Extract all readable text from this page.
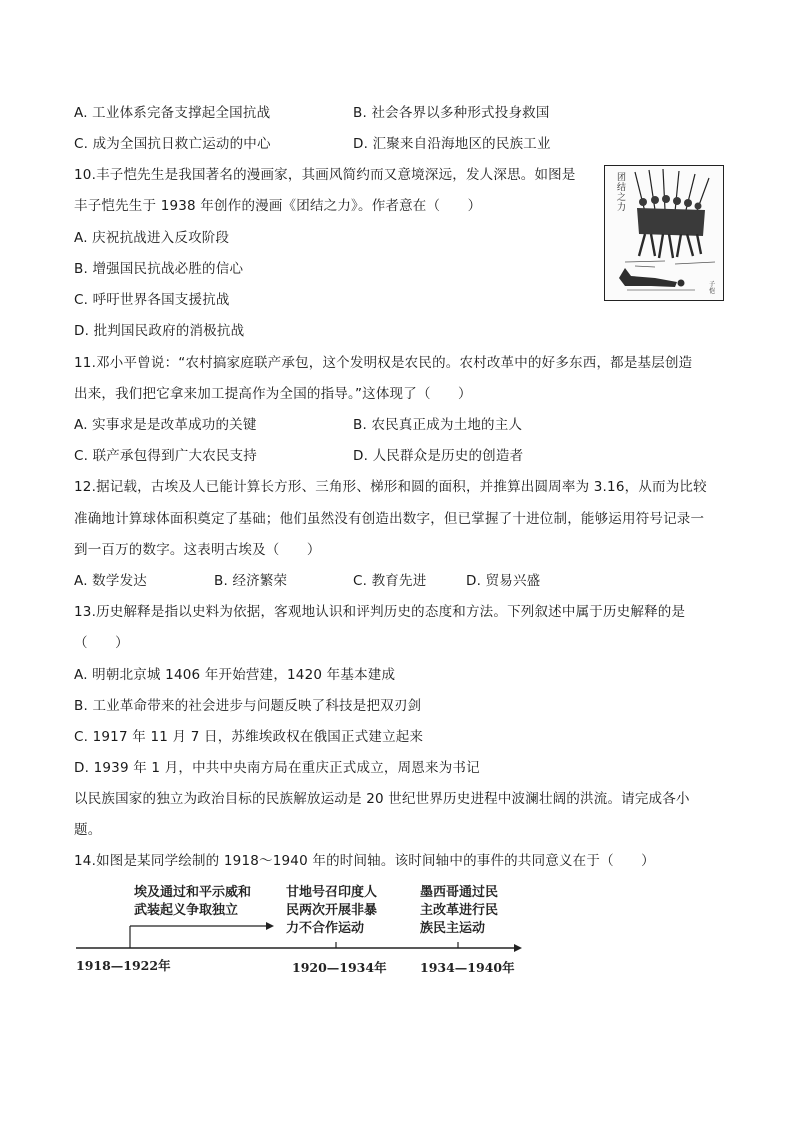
A. 工业体系完备支撑起全国抗战	B. 社会各界以多种形式投身救国
C. 成为全国抗日救亡运动的中心	D. 汇聚来自沿海地区的民族工业
10.丰子恺先生是我国著名的漫画家，其画风简约而又意境深远，发人深思。如图是
丰子恺先生于 1938 年创作的漫画《团结之力》。作者意在（　　）
A. 庆祝抗战进入反攻阶段
B. 增强国民抗战必胜的信心
C. 呼吁世界各国支援抗战
D. 批判国民政府的消极抗战
团
结
之
力
子
恺
11.邓小平曾说：“农村搞家庭联产承包，这个发明权是农民的。农村改革中的好多东西，都是基层创造
出来，我们把它拿来加工提高作为全国的指导。”这体现了（　　）
A. 实事求是是改革成功的关键	B. 农民真正成为土地的主人
C. 联产承包得到广大农民支持	D. 人民群众是历史的创造者
12.据记载，古埃及人已能计算长方形、三角形、梯形和圆的面积，并推算出圆周率为 3.16，从而为比较
准确地计算球体面积奠定了基础；他们虽然没有创造出数字，但已掌握了十进位制，能够运用符号记录一
到一百万的数字。这表明古埃及（　　）
A. 数学发达	B. 经济繁荣	C. 教育先进	D. 贸易兴盛
13.历史解释是指以史料为依据，客观地认识和评判历史的态度和方法。下列叙述中属于历史解释的是
（　　）
A. 明朝北京城 1406 年开始营建，1420 年基本建成
B. 工业革命带来的社会进步与问题反映了科技是把双刃剑
C. 1917 年 11 月 7 日，苏维埃政权在俄国正式建立起来
D. 1939 年 1 月，中共中央南方局在重庆正式成立，周恩来为书记
以民族国家的独立为政治目标的民族解放运动是 20 世纪世界历史进程中波澜壮阔的洪流。请完成各小
题。
14.如图是某同学绘制的 1918～1940 年的时间轴。该时间轴中的事件的共同意义在于（　　）
埃及通过和平示威和
武装起义争取独立
甘地号召印度人
民两次开展非暴
力不合作运动
墨西哥通过民
主改革进行民
族民主运动
1918—1922年	1920—1934年	1934—1940年
